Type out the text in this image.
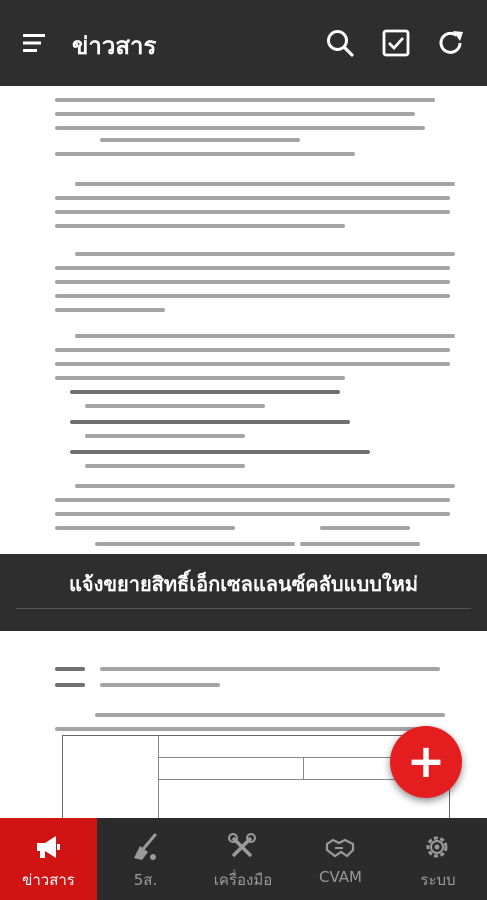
ข่าวสาร
แจ้งขยายสิทธิ์เอ็กเซลแลนซ์คลับแบบใหม่
+
ข่าวสาร	5ส.	เครื่องมือ	CVAM	ระบบ
